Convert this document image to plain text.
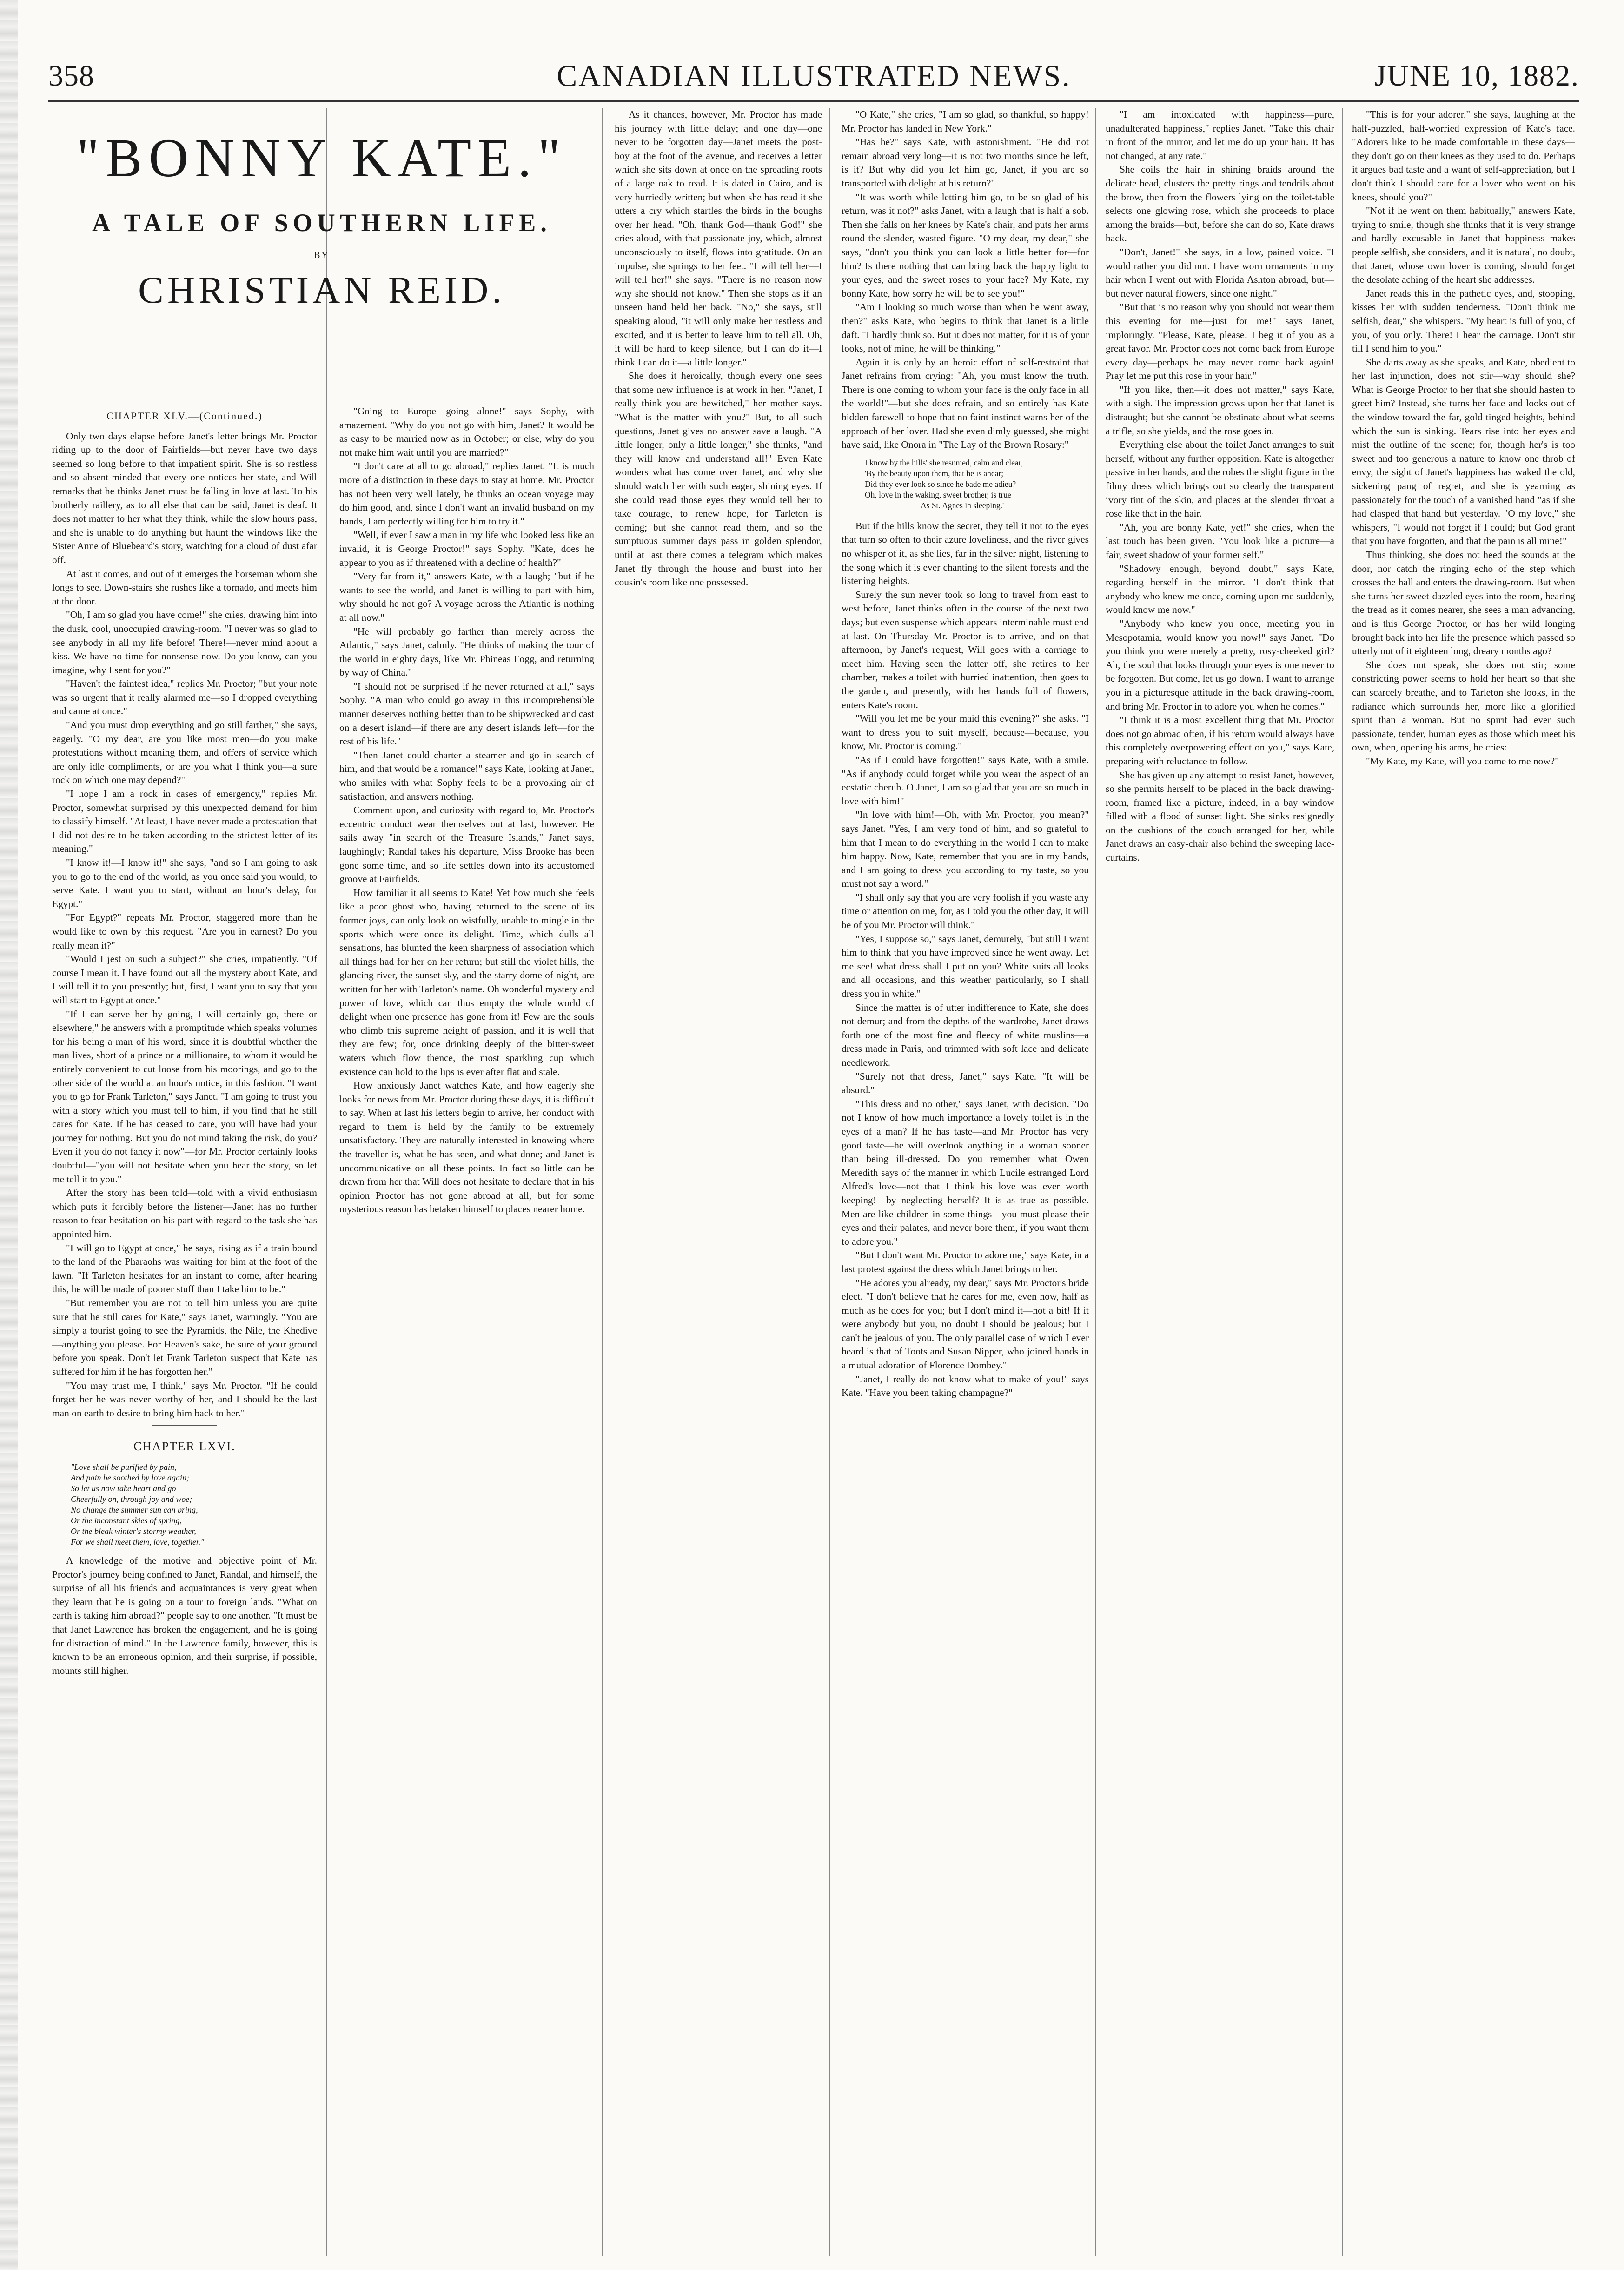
358	CANADIAN ILLUSTRATED NEWS.	JUNE 10, 1882.
"BONNY KATE."
A TALE OF SOUTHERN LIFE.
BY
CHRISTIAN REID.
CHAPTER XLV.—(Continued.)

Only two days elapse before Janet's letter brings Mr. Proctor riding up to the door of Fairfields—but never have two days seemed so long before to that impatient spirit. She is so restless and so absent-minded that every one notices her state, and Will remarks that he thinks Janet must be falling in love at last. To his brotherly raillery, as to all else that can be said, Janet is deaf. It does not matter to her what they think, while the slow hours pass, and she is unable to do anything but haunt the windows like the Sister Anne of Bluebeard's story, watching for a cloud of dust afar off.

At last it comes, and out of it emerges the horseman whom she longs to see. Down-stairs she rushes like a tornado, and meets him at the door.

"Oh, I am so glad you have come!" she cries, drawing him into the dusk, cool, unoccupied drawing-room. "I never was so glad to see anybody in all my life before! There!—never mind about a kiss. We have no time for nonsense now. Do you know, can you imagine, why I sent for you?"

"Haven't the faintest idea," replies Mr. Proctor; "but your note was so urgent that it really alarmed me—so I dropped everything and came at once."

"And you must drop everything and go still farther," she says, eagerly. "O my dear, are you like most men—do you make protestations without meaning them, and offers of service which are only idle compliments, or are you what I think you—a sure rock on which one may depend?"

"I hope I am a rock in cases of emergency," replies Mr. Proctor, somewhat surprised by this unexpected demand for him to classify himself. "At least, I have never made a protestation that I did not desire to be taken according to the strictest letter of its meaning."

"I know it!—I know it!" she says, "and so I am going to ask you to go to the end of the world, as you once said you would, to serve Kate. I want you to start, without an hour's delay, for Egypt."

"For Egypt?" repeats Mr. Proctor, staggered more than he would like to own by this request. "Are you in earnest? Do you really mean it?"

"Would I jest on such a subject?" she cries, impatiently. "Of course I mean it. I have found out all the mystery about Kate, and I will tell it to you presently; but, first, I want you to say that you will start to Egypt at once."

"If I can serve her by going, I will certainly go, there or elsewhere," he answers with a promptitude which speaks volumes for his being a man of his word, since it is doubtful whether the man lives, short of a prince or a millionaire, to whom it would be entirely convenient to cut loose from his moorings, and go to the other side of the world at an hour's notice, in this fashion. "I want you to go for Frank Tarleton," says Janet. "I am going to trust you with a story which you must tell to him, if you find that he still cares for Kate. If he has ceased to care, you will have had your journey for nothing. But you do not mind taking the risk, do you? Even if you do not fancy it now"—for Mr. Proctor certainly looks doubtful—"you will not hesitate when you hear the story, so let me tell it to you."

After the story has been told—told with a vivid enthusiasm which puts it forcibly before the listener—Janet has no further reason to fear hesitation on his part with regard to the task she has appointed him.

"I will go to Egypt at once," he says, rising as if a train bound to the land of the Pharaohs was waiting for him at the foot of the lawn. "If Tarleton hesitates for an instant to come, after hearing this, he will be made of poorer stuff than I take him to be."

"But remember you are not to tell him unless you are quite sure that he still cares for Kate," says Janet, warningly. "You are simply a tourist going to see the Pyramids, the Nile, the Khedive—anything you please. For Heaven's sake, be sure of your ground before you speak. Don't let Frank Tarleton suspect that Kate has suffered for him if he has forgotten her."

"You may trust me, I think," says Mr. Proctor. "If he could forget her he was never worthy of her, and I should be the last man on earth to desire to bring him back to her."

CHAPTER LXVI.
"Love shall be purified by pain,
And pain be soothed by love again;
So let us now take heart and go
Cheerfully on, through joy and woe;
No change the summer sun can bring,
Or the inconstant skies of spring,
Or the bleak winter's stormy weather,
For we shall meet them, love, together."

A knowledge of the motive and objective point of Mr. Proctor's journey being confined to Janet, Randal, and himself, the surprise of all his friends and acquaintances is very great when they learn that he is going on a tour to foreign lands. "What on earth is taking him abroad?" people say to one another. "It must be that Janet Lawrence has broken the engagement, and he is going for distraction of mind." In the Lawrence family, however, this is known to be an erroneous opinion, and their surprise, if possible, mounts still higher.

"Going to Europe—going alone!" says Sophy, with amazement. "Why do you not go with him, Janet? It would be as easy to be married now as in October; or else, why do you not make him wait until you are married?"

"I don't care at all to go abroad," replies Janet. "It is much more of a distinction in these days to stay at home. Mr. Proctor has not been very well lately, he thinks an ocean voyage may do him good, and, since I don't want an invalid husband on my hands, I am perfectly willing for him to try it."

"Well, if ever I saw a man in my life who looked less like an invalid, it is George Proctor!" says Sophy. "Kate, does he appear to you as if threatened with a decline of health?"

"Very far from it," answers Kate, with a laugh; "but if he wants to see the world, and Janet is willing to part with him, why should he not go? A voyage across the Atlantic is nothing at all now."

"He will probably go farther than merely across the Atlantic," says Janet, calmly. "He thinks of making the tour of the world in eighty days, like Mr. Phineas Fogg, and returning by way of China."

"I should not be surprised if he never returned at all," says Sophy. "A man who could go away in this incomprehensible manner deserves nothing better than to be shipwrecked and cast on a desert island—if there are any desert islands left—for the rest of his life."

"Then Janet could charter a steamer and go in search of him, and that would be a romance!" says Kate, looking at Janet, who smiles with what Sophy feels to be a provoking air of satisfaction, and answers nothing.

Comment upon, and curiosity with regard to, Mr. Proctor's eccentric conduct wear themselves out at last, however. He sails away "in search of the Treasure Islands," Janet says, laughingly; Randal takes his departure, Miss Brooke has been gone some time, and so life settles down into its accustomed groove at Fairfields.

How familiar it all seems to Kate! Yet how much she feels like a poor ghost who, having returned to the scene of its former joys, can only look on wistfully, unable to mingle in the sports which were once its delight. Time, which dulls all sensations, has blunted the keen sharpness of association which all things had for her on her return; but still the violet hills, the glancing river, the sunset sky, and the starry dome of night, are written for her with Tarleton's name. Oh wonderful mystery and power of love, which can thus empty the whole world of delight when one presence has gone from it! Few are the souls who climb this supreme height of passion, and it is well that they are few; for, once drinking deeply of the bitter-sweet waters which flow thence, the most sparkling cup which existence can hold to the lips is ever after flat and stale.

How anxiously Janet watches Kate, and how eagerly she looks for news from Mr. Proctor during these days, it is difficult to say. When at last his letters begin to arrive, her conduct with regard to them is held by the family to be extremely unsatisfactory. They are naturally interested in knowing where the traveller is, what he has seen, and what done; and Janet is uncommunicative on all these points. In fact so little can be drawn from her that Will does not hesitate to declare that in his opinion Proctor has not gone abroad at all, but for some mysterious reason has betaken himself to places nearer home.

As it chances, however, Mr. Proctor has made his journey with little delay; and one day—one never to be forgotten day—Janet meets the post-boy at the foot of the avenue, and receives a letter which she sits down at once on the spreading roots of a large oak to read. It is dated in Cairo, and is very hurriedly written; but when she has read it she utters a cry which startles the birds in the boughs over her head. "Oh, thank God—thank God!" she cries aloud, with that passionate joy, which, almost unconsciously to itself, flows into gratitude. On an impulse, she springs to her feet. "I will tell her—I will tell her!" she says. "There is no reason now why she should not know." Then she stops as if an unseen hand held her back. "No," she says, still speaking aloud, "it will only make her restless and excited, and it is better to leave him to tell all. Oh, it will be hard to keep silence, but I can do it—I think I can do it—a little longer."

She does it heroically, though every one sees that some new influence is at work in her. "Janet, I really think you are bewitched," her mother says. "What is the matter with you?" But, to all such questions, Janet gives no answer save a laugh. "A little longer, only a little longer," she thinks, "and they will know and understand all!" Even Kate wonders what has come over Janet, and why she should watch her with such eager, shining eyes. If she could read those eyes they would tell her to take courage, to renew hope, for Tarleton is coming; but she cannot read them, and so the sumptuous summer days pass in golden splendor, until at last there comes a telegram which makes Janet fly through the house and burst into her cousin's room like one possessed.

"O Kate," she cries, "I am so glad, so thankful, so happy! Mr. Proctor has landed in New York."

"Has he?" says Kate, with astonishment. "He did not remain abroad very long—it is not two months since he left, is it? But why did you let him go, Janet, if you are so transported with delight at his return?"

"It was worth while letting him go, to be so glad of his return, was it not?" asks Janet, with a laugh that is half a sob. Then she falls on her knees by Kate's chair, and puts her arms round the slender, wasted figure. "O my dear, my dear," she says, "don't you think you can look a little better for—for him? Is there nothing that can bring back the happy light to your eyes, and the sweet roses to your face? My Kate, my bonny Kate, how sorry he will be to see you!"

"Am I looking so much worse than when he went away, then?" asks Kate, who begins to think that Janet is a little daft. "I hardly think so. But it does not matter, for it is of your looks, not of mine, he will be thinking."

Again it is only by an heroic effort of self-restraint that Janet refrains from crying: "Ah, you must know the truth. There is one coming to whom your face is the only face in all the world!"—but she does refrain, and so entirely has Kate bidden farewell to hope that no faint instinct warns her of the approach of her lover. Had she even dimly guessed, she might have said, like Onora in "The Lay of the Brown Rosary:"

I know by the hills' she resumed, calm and clear,
'By the beauty upon them, that he is anear;
Did they ever look so since he bade me adieu?
Oh, love in the waking, sweet brother, is true
As St. Agnes in sleeping.'

But if the hills know the secret, they tell it not to the eyes that turn so often to their azure loveliness, and the river gives no whisper of it, as she lies, far in the silver night, listening to the song which it is ever chanting to the silent forests and the listening heights.

Surely the sun never took so long to travel from east to west before, Janet thinks often in the course of the next two days; but even suspense which appears interminable must end at last. On Thursday Mr. Proctor is to arrive, and on that afternoon, by Janet's request, Will goes with a carriage to meet him. Having seen the latter off, she retires to her chamber, makes a toilet with hurried inattention, then goes to the garden, and presently, with her hands full of flowers, enters Kate's room.

"Will you let me be your maid this evening?" she asks. "I want to dress you to suit myself, because—because, you know, Mr. Proctor is coming."

"As if I could have forgotten!" says Kate, with a smile. "As if anybody could forget while you wear the aspect of an ecstatic cherub. O Janet, I am so glad that you are so much in love with him!"

"In love with him!—Oh, with Mr. Proctor, you mean?" says Janet. "Yes, I am very fond of him, and so grateful to him that I mean to do everything in the world I can to make him happy. Now, Kate, remember that you are in my hands, and I am going to dress you according to my taste, so you must not say a word."

"I shall only say that you are very foolish if you waste any time or attention on me, for, as I told you the other day, it will be of you Mr. Proctor will think."

"Yes, I suppose so," says Janet, demurely, "but still I want him to think that you have improved since he went away. Let me see! what dress shall I put on you? White suits all looks and all occasions, and this weather particularly, so I shall dress you in white."

Since the matter is of utter indifference to Kate, she does not demur; and from the depths of the wardrobe, Janet draws forth one of the most fine and fleecy of white muslins—a dress made in Paris, and trimmed with soft lace and delicate needlework.

"Surely not that dress, Janet," says Kate. "It will be absurd."

"This dress and no other," says Janet, with decision. "Do not I know of how much importance a lovely toilet is in the eyes of a man? If he has taste—and Mr. Proctor has very good taste—he will overlook anything in a woman sooner than being ill-dressed. Do you remember what Owen Meredith says of the manner in which Lucile estranged Lord Alfred's love—not that I think his love was ever worth keeping!—by neglecting herself? It is as true as possible. Men are like children in some things—you must please their eyes and their palates, and never bore them, if you want them to adore you."

"But I don't want Mr. Proctor to adore me," says Kate, in a last protest against the dress which Janet brings to her.

"He adores you already, my dear," says Mr. Proctor's bride elect. "I don't believe that he cares for me, even now, half as much as he does for you; but I don't mind it—not a bit! If it were anybody but you, no doubt I should be jealous; but I can't be jealous of you. The only parallel case of which I ever heard is that of Toots and Susan Nipper, who joined hands in a mutual adoration of Florence Dombey."

"Janet, I really do not know what to make of you!" says Kate. "Have you been taking champagne?"

"I am intoxicated with happiness—pure, unadulterated happiness," replies Janet. "Take this chair in front of the mirror, and let me do up your hair. It has not changed, at any rate."

She coils the hair in shining braids around the delicate head, clusters the pretty rings and tendrils about the brow, then from the flowers lying on the toilet-table selects one glowing rose, which she proceeds to place among the braids—but, before she can do so, Kate draws back.

"Don't, Janet!" she says, in a low, pained voice. "I would rather you did not. I have worn ornaments in my hair when I went out with Florida Ashton abroad, but—but never natural flowers, since one night."

"But that is no reason why you should not wear them this evening for me—just for me!" says Janet, imploringly. "Please, Kate, please! I beg it of you as a great favor. Mr. Proctor does not come back from Europe every day—perhaps he may never come back again! Pray let me put this rose in your hair."

"If you like, then—it does not matter," says Kate, with a sigh. The impression grows upon her that Janet is distraught; but she cannot be obstinate about what seems a trifle, so she yields, and the rose goes in.

Everything else about the toilet Janet arranges to suit herself, without any further opposition. Kate is altogether passive in her hands, and the robes the slight figure in the filmy dress which brings out so clearly the transparent ivory tint of the skin, and places at the slender throat a rose like that in the hair.

"Ah, you are bonny Kate, yet!" she cries, when the last touch has been given. "You look like a picture—a fair, sweet shadow of your former self."

"Shadowy enough, beyond doubt," says Kate, regarding herself in the mirror. "I don't think that anybody who knew me once, coming upon me suddenly, would know me now."

"Anybody who knew you once, meeting you in Mesopotamia, would know you now!" says Janet. "Do you think you were merely a pretty, rosy-cheeked girl? Ah, the soul that looks through your eyes is one never to be forgotten. But come, let us go down. I want to arrange you in a picturesque attitude in the back drawing-room, and bring Mr. Proctor in to adore you when he comes."

"I think it is a most excellent thing that Mr. Proctor does not go abroad often, if his return would always have this completely overpowering effect on you," says Kate, preparing with reluctance to follow.

She has given up any attempt to resist Janet, however, so she permits herself to be placed in the back drawing-room, framed like a picture, indeed, in a bay window filled with a flood of sunset light. She sinks resignedly on the cushions of the couch arranged for her, while Janet draws an easy-chair also behind the sweeping lace-curtains.

"This is for your adorer," she says, laughing at the half-puzzled, half-worried expression of Kate's face. "Adorers like to be made comfortable in these days—they don't go on their knees as they used to do. Perhaps it argues bad taste and a want of self-appreciation, but I don't think I should care for a lover who went on his knees, should you?"

"Not if he went on them habitually," answers Kate, trying to smile, though she thinks that it is very strange and hardly excusable in Janet that happiness makes people selfish, she considers, and it is natural, no doubt, that Janet, whose own lover is coming, should forget the desolate aching of the heart she addresses.

Janet reads this in the pathetic eyes, and, stooping, kisses her with sudden tenderness. "Don't think me selfish, dear," she whispers. "My heart is full of you, of you, of you only. There! I hear the carriage. Don't stir till I send him to you."

She darts away as she speaks, and Kate, obedient to her last injunction, does not stir—why should she? What is George Proctor to her that she should hasten to greet him? Instead, she turns her face and looks out of the window toward the far, gold-tinged heights, behind which the sun is sinking. Tears rise into her eyes and mist the outline of the scene; for, though her's is too sweet and too generous a nature to know one throb of envy, the sight of Janet's happiness has waked the old, sickening pang of regret, and she is yearning as passionately for the touch of a vanished hand "as if she had clasped that hand but yesterday. "O my love," she whispers, "I would not forget if I could; but God grant that you have forgotten, and that the pain is all mine!"

Thus thinking, she does not heed the sounds at the door, nor catch the ringing echo of the step which crosses the hall and enters the drawing-room. But when she turns her sweet-dazzled eyes into the room, hearing the tread as it comes nearer, she sees a man advancing, and is this George Proctor, or has her wild longing brought back into her life the presence which passed so utterly out of it eighteen long, dreary months ago?

She does not speak, she does not stir; some constricting power seems to hold her heart so that she can scarcely breathe, and to Tarleton she looks, in the radiance which surrounds her, more like a glorified spirit than a woman. But no spirit had ever such passionate, tender, human eyes as those which meet his own, when, opening his arms, he cries:

"My Kate, my Kate, will you come to me now?"
